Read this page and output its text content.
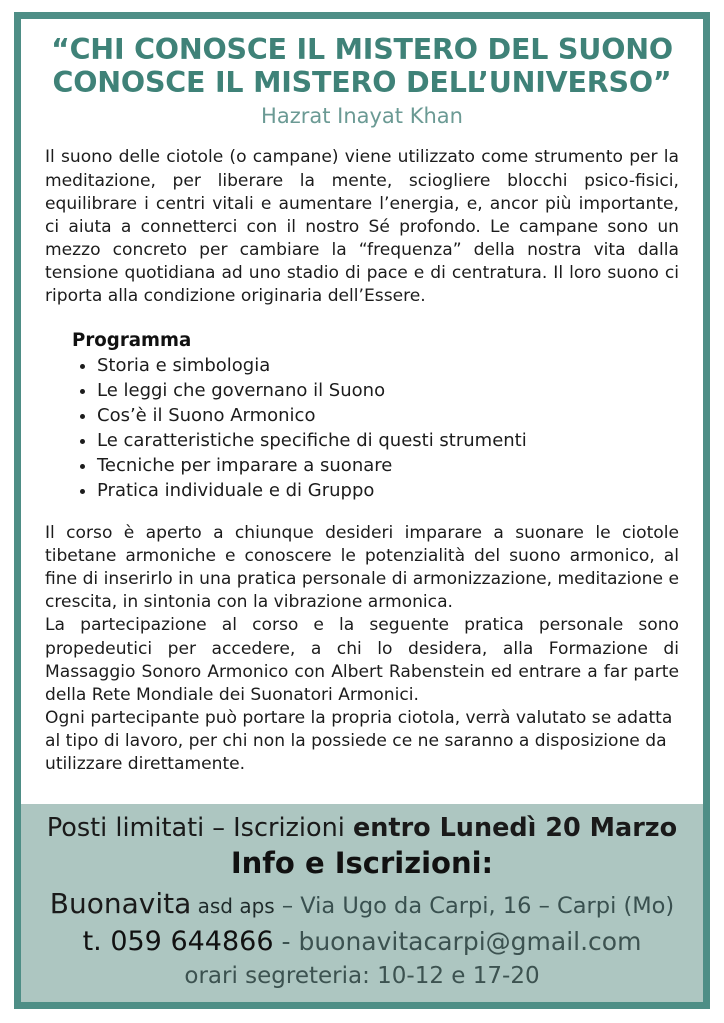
“CHI CONOSCE IL MISTERO DEL SUONO
CONOSCE IL MISTERO DELL’UNIVERSO”
Hazrat Inayat Khan

Il suono delle ciotole (o campane) viene utilizzato come strumento per la meditazione, per liberare la mente, sciogliere blocchi psico-fisici, equilibrare i centri vitali e aumentare l’energia, e, ancor più importante, ci aiuta a connetterci con il nostro Sé profondo. Le campane sono un mezzo concreto per cambiare la “frequenza” della nostra vita dalla tensione quotidiana ad uno stadio di pace e di centratura. Il loro suono ci riporta alla condizione originaria dell’Essere.

Programma
• Storia e simbologia
• Le leggi che governano il Suono
• Cos’è il Suono Armonico
• Le caratteristiche specifiche di questi strumenti
• Tecniche per imparare a suonare
• Pratica individuale e di Gruppo

Il corso è aperto a chiunque desideri imparare a suonare le ciotole tibetane armoniche e conoscere le potenzialità del suono armonico, al fine di inserirlo in una pratica personale di armonizzazione, meditazione e crescita, in sintonia con la vibrazione armonica.

La partecipazione al corso e la seguente pratica personale sono propedeutici per accedere, a chi lo desidera, alla Formazione di Massaggio Sonoro Armonico con Albert Rabenstein ed entrare a far parte della Rete Mondiale dei Suonatori Armonici.

Ogni partecipante può portare la propria ciotola, verrà valutato se adatta al tipo di lavoro, per chi non la possiede ce ne saranno a disposizione da utilizzare direttamente.

Posti limitati – Iscrizioni entro Lunedì 20 Marzo
Info e Iscrizioni:
Buonavita asd aps – Via Ugo da Carpi, 16 – Carpi (Mo)
t. 059 644866 - buonavitacarpi@gmail.com
orari segreteria: 10-12 e 17-20
